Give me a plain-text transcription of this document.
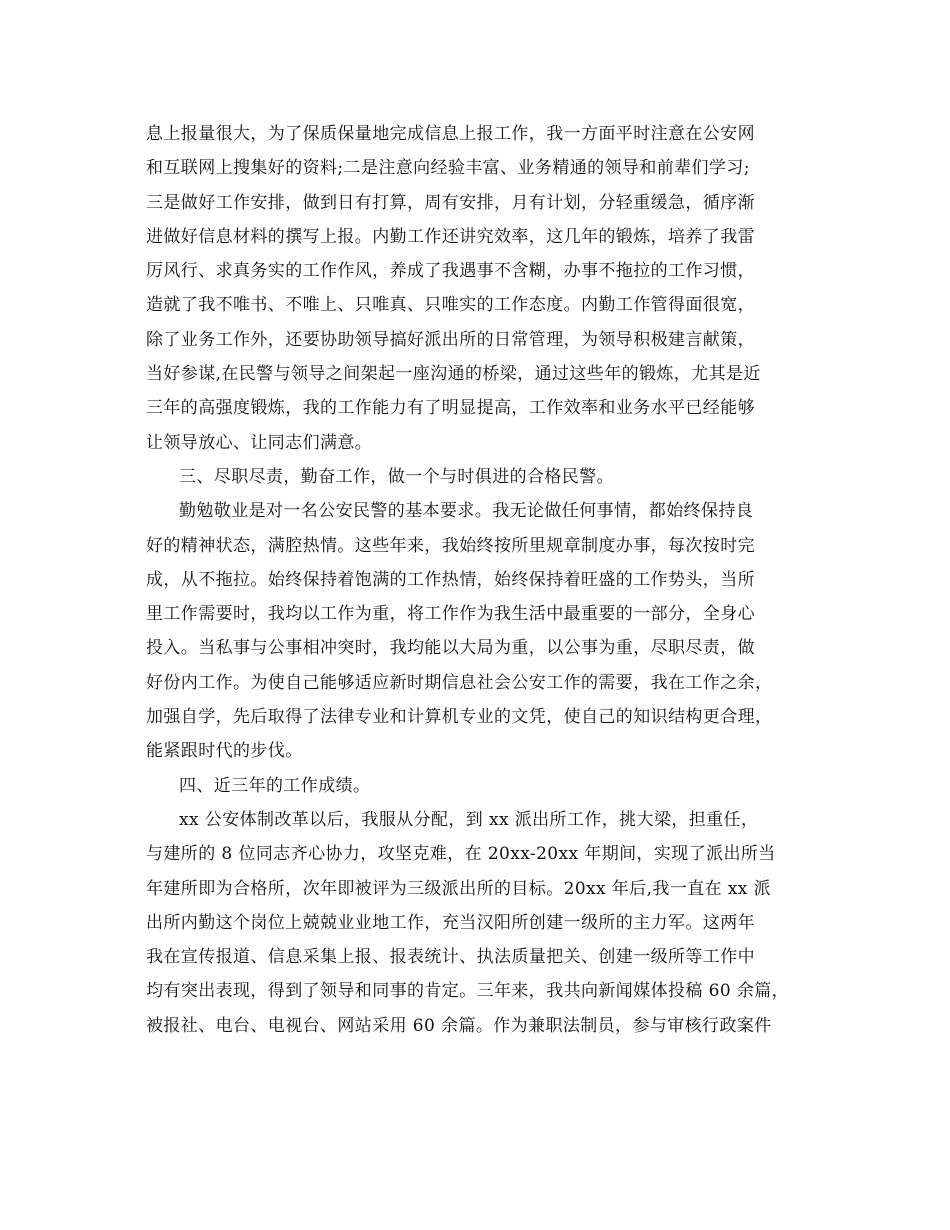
息上报量很大，为了保质保量地完成信息上报工作，我一方面平时注意在公安网
和互联网上搜集好的资料;二是注意向经验丰富、业务精通的领导和前辈们学习;
三是做好工作安排，做到日有打算，周有安排，月有计划，分轻重缓急，循序渐
进做好信息材料的撰写上报。内勤工作还讲究效率，这几年的锻炼，培养了我雷
厉风行、求真务实的工作作风，养成了我遇事不含糊，办事不拖拉的工作习惯，
造就了我不唯书、不唯上、只唯真、只唯实的工作态度。内勤工作管得面很宽，
除了业务工作外，还要协助领导搞好派出所的日常管理，为领导积极建言献策，
当好参谋,在民警与领导之间架起一座沟通的桥梁，通过这些年的锻炼，尤其是近
三年的高强度锻炼，我的工作能力有了明显提高，工作效率和业务水平已经能够
让领导放心、让同志们满意。
三、尽职尽责，勤奋工作，做一个与时俱进的合格民警。
勤勉敬业是对一名公安民警的基本要求。我无论做任何事情，都始终保持良
好的精神状态，满腔热情。这些年来，我始终按所里规章制度办事，每次按时完
成，从不拖拉。始终保持着饱满的工作热情，始终保持着旺盛的工作势头，当所
里工作需要时，我均以工作为重，将工作作为我生活中最重要的一部分，全身心
投入。当私事与公事相冲突时，我均能以大局为重，以公事为重，尽职尽责，做
好份内工作。为使自己能够适应新时期信息社会公安工作的需要，我在工作之余，
加强自学，先后取得了法律专业和计算机专业的文凭，使自己的知识结构更合理，
能紧跟时代的步伐。
四、近三年的工作成绩。
xx 公安体制改革以后，我服从分配，到 xx 派出所工作，挑大梁，担重任，
与建所的 8 位同志齐心协力，攻坚克难，在 20xx-20xx 年期间，实现了派出所当
年建所即为合格所，次年即被评为三级派出所的目标。20xx 年后,我一直在 xx 派
出所内勤这个岗位上兢兢业业地工作，充当汉阳所创建一级所的主力军。这两年
我在宣传报道、信息采集上报、报表统计、执法质量把关、创建一级所等工作中
均有突出表现，得到了领导和同事的肯定。三年来，我共向新闻媒体投稿 60 余篇，
被报社、电台、电视台、网站采用 60 余篇。作为兼职法制员，参与审核行政案件
